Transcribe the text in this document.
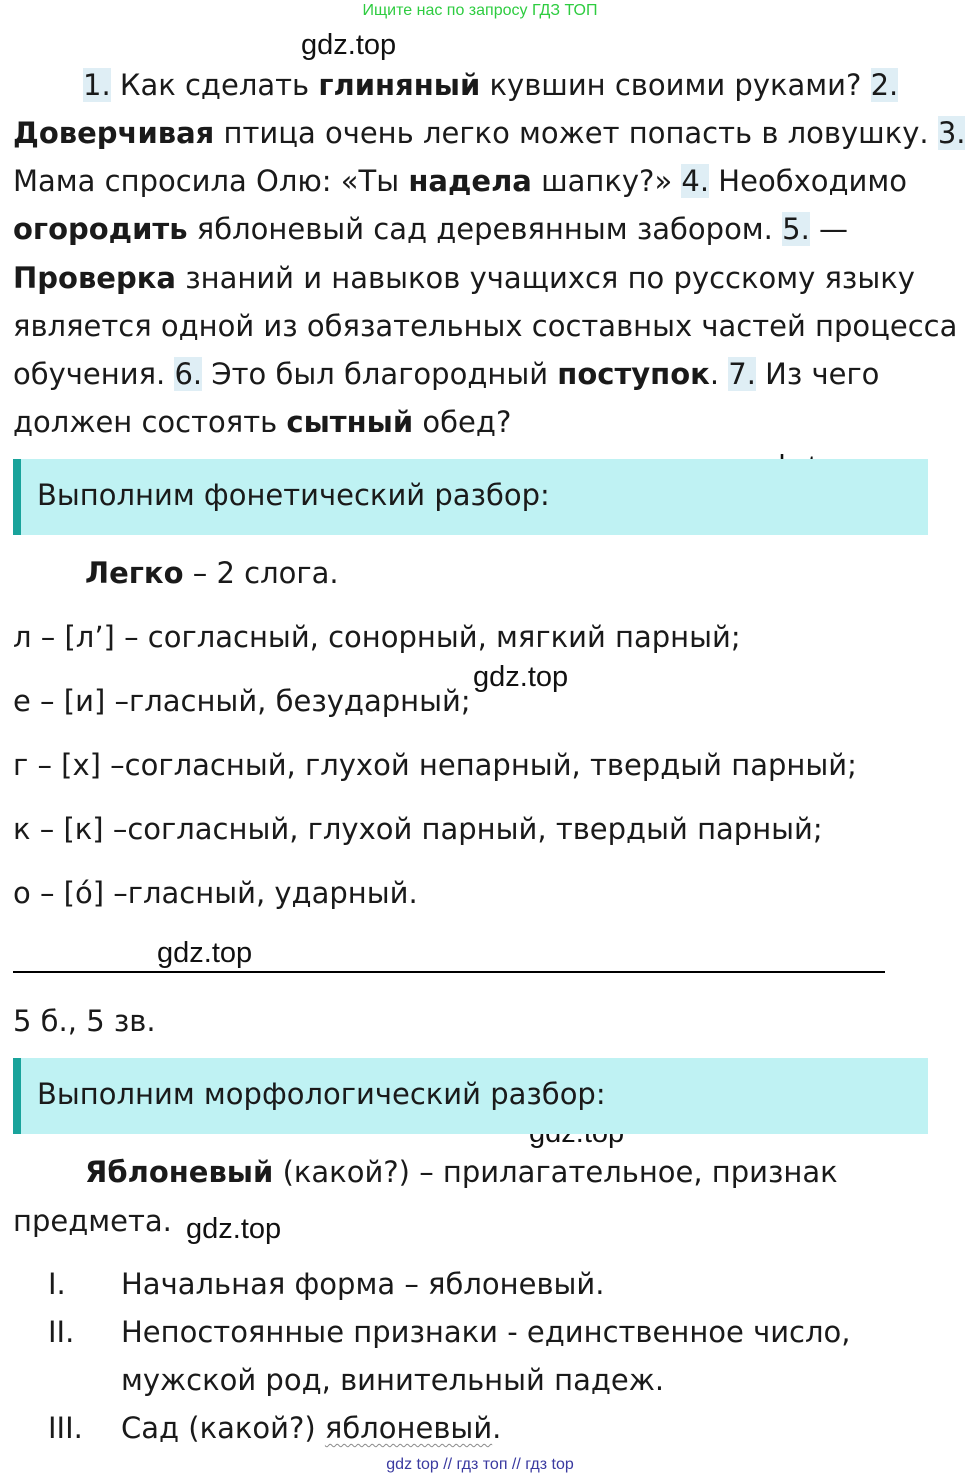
Ищите нас по запросу ГДЗ ТОП
gdz.top
gdz.top
gdz.top
gdz.top
1. Как сделать глиняный кувшин своими руками? 2.
Доверчивая птица очень легко может попасть в ловушку. 3.
Мама спросила Олю: «Ты надела шапку?» 4. Необходимо
огородить яблоневый сад деревянным забором. 5. —
Проверка знаний и навыков учащихся по русскому языку
является одной из обязательных составных частей процесса
обучения. 6. Это был благородный поступок. 7. Из чего
должен состоять сытный обед?
Выполним фонетический разбор:
Легко – 2 слога.
л – [л’] – согласный, сонорный, мягкий парный;
е – [и] –гласный, безударный;
г – [х] –согласный, глухой непарный, твердый парный;
к – [к] –согласный, глухой парный, твердый парный;
о – [ó] –гласный, ударный.
5 б., 5 зв.
Выполним морфологический разбор:
Яблоневый (какой?) – прилагательное, признак
предмета.
I. Начальная форма – яблоневый.
II. Непостоянные признаки - единственное число,
мужской род, винительный падеж.
III. Сад (какой?) яблоневый.
gdz top // гдз топ // гдз top
